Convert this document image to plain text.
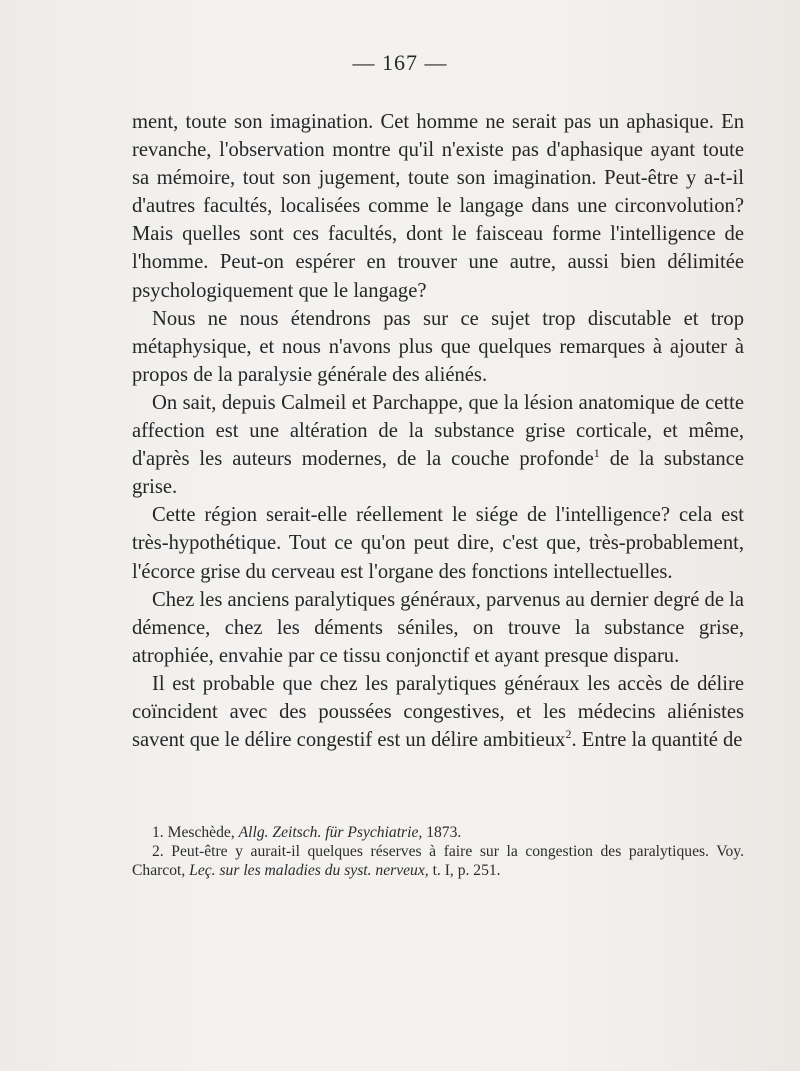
— 167 —

ment, toute son imagination. Cet homme ne serait pas un aphasique. En revanche, l'observation montre qu'il n'existe pas d'aphasique ayant toute sa mémoire, tout son jugement, toute son imagination. Peut-être y a-t-il d'autres facultés, localisées comme le langage dans une circonvolution? Mais quelles sont ces facultés, dont le faisceau forme l'intelligence de l'homme. Peut-on espérer en trouver une autre, aussi bien délimitée psychologiquement que le langage?

Nous ne nous étendrons pas sur ce sujet trop discutable et trop métaphysique, et nous n'avons plus que quelques remarques à ajouter à propos de la paralysie générale des aliénés.

On sait, depuis Calmeil et Parchappe, que la lésion anatomique de cette affection est une altération de la substance grise corticale, et même, d'après les auteurs modernes, de la couche profonde$^1$ de la substance grise.

Cette région serait-elle réellement le siége de l'intelligence? cela est très-hypothétique. Tout ce qu'on peut dire, c'est que, très-probablement, l'écorce grise du cerveau est l'organe des fonctions intellectuelles.

Chez les anciens paralytiques généraux, parvenus au dernier degré de la démence, chez les déments séniles, on trouve la substance grise, atrophiée, envahie par ce tissu conjonctif et ayant presque disparu.

Il est probable que chez les paralytiques généraux les accès de délire coïncident avec des poussées congestives, et les médecins aliénistes savent que le délire congestif est un délire ambitieux$^2$. Entre la quantité de

1. Meschède, Allg. Zeitsch. für Psychiatrie, 1873.

2. Peut-être y aurait-il quelques réserves à faire sur la congestion des paralytiques. Voy. Charcot, Leç. sur les maladies du syst. nerveux, t. I, p. 251.
